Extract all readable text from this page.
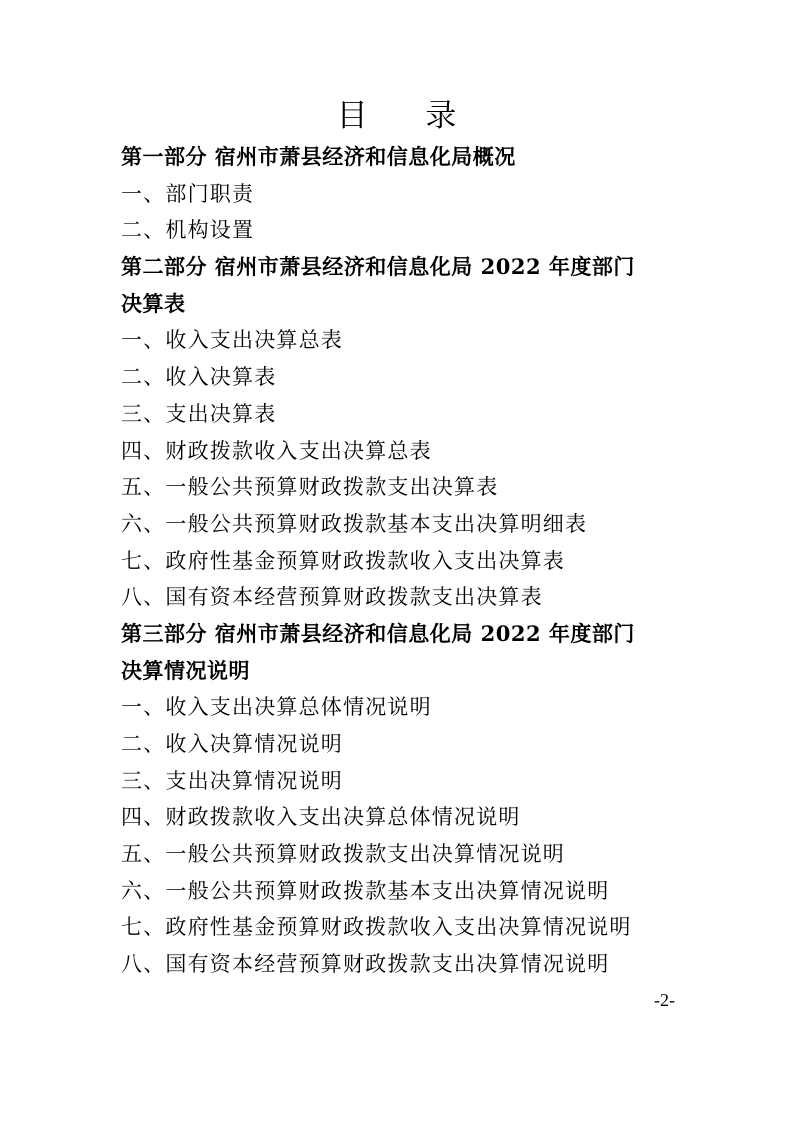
目 录
第一部分 宿州市萧县经济和信息化局概况
一、部门职责
二、机构设置
第二部分 宿州市萧县经济和信息化局 2022 年度部门
决算表
一、收入支出决算总表
二、收入决算表
三、支出决算表
四、财政拨款收入支出决算总表
五、一般公共预算财政拨款支出决算表
六、一般公共预算财政拨款基本支出决算明细表
七、政府性基金预算财政拨款收入支出决算表
八、国有资本经营预算财政拨款支出决算表
第三部分 宿州市萧县经济和信息化局 2022 年度部门
决算情况说明
一、收入支出决算总体情况说明
二、收入决算情况说明
三、支出决算情况说明
四、财政拨款收入支出决算总体情况说明
五、一般公共预算财政拨款支出决算情况说明
六、一般公共预算财政拨款基本支出决算情况说明
七、政府性基金预算财政拨款收入支出决算情况说明
八、国有资本经营预算财政拨款支出决算情况说明
-2-
